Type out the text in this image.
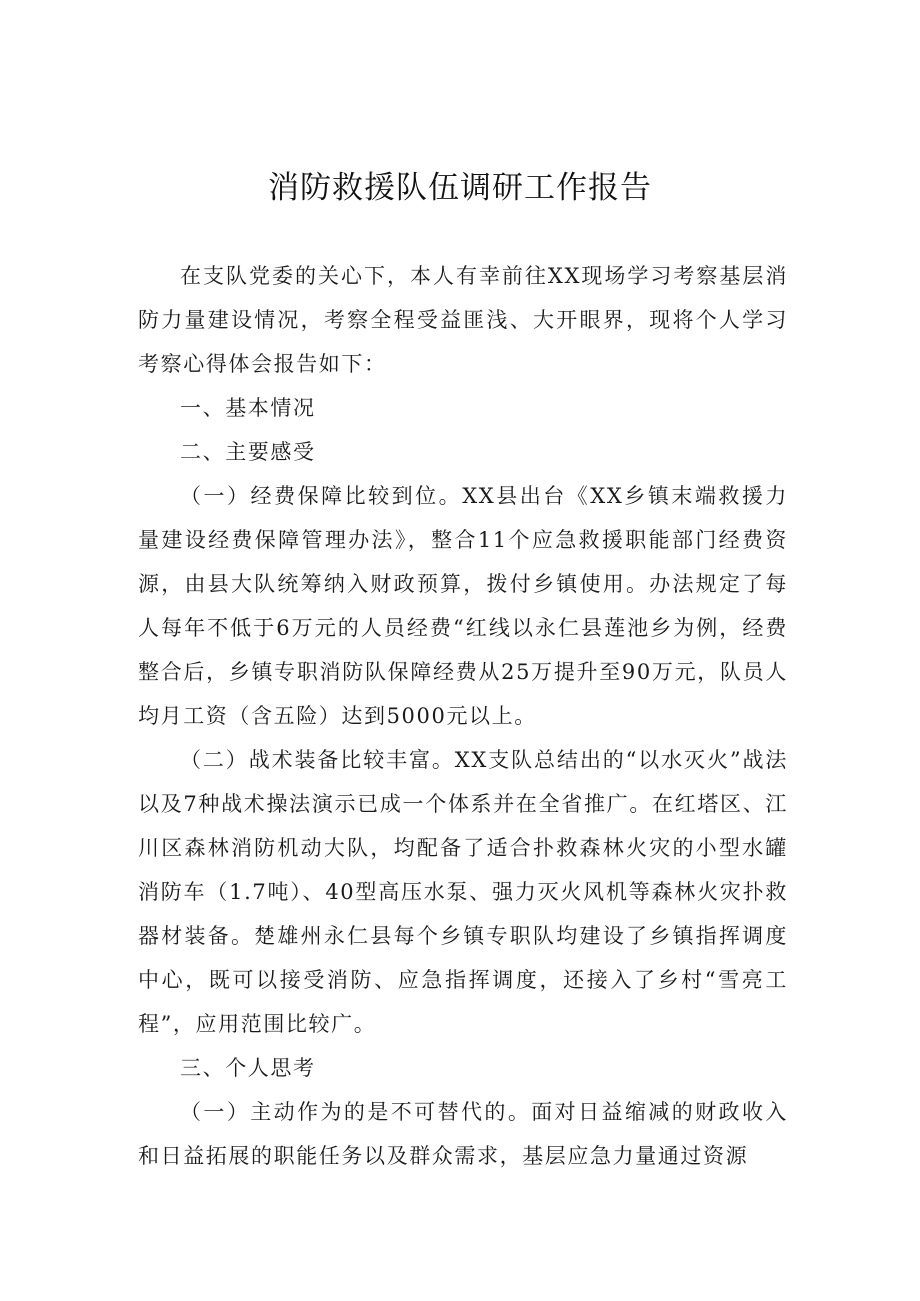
消防救援队伍调研工作报告

在支队党委的关心下，本人有幸前往XX现场学习考察基层消防力量建设情况，考察全程受益匪浅、大开眼界，现将个人学习考察心得体会报告如下：

一、基本情况

二、主要感受

（一）经费保障比较到位。XX县出台《XX乡镇末端救援力量建设经费保障管理办法》，整合11个应急救援职能部门经费资源，由县大队统筹纳入财政预算，拨付乡镇使用。办法规定了每人每年不低于6万元的人员经费“红线以永仁县莲池乡为例，经费整合后，乡镇专职消防队保障经费从25万提升至90万元，队员人均月工资（含五险）达到5000元以上。

（二）战术装备比较丰富。XX支队总结出的“以水灭火”战法以及7种战术操法演示已成一个体系并在全省推广。在红塔区、江川区森林消防机动大队，均配备了适合扑救森林火灾的小型水罐消防车（1.7吨）、40型高压水泵、强力灭火风机等森林火灾扑救器材装备。楚雄州永仁县每个乡镇专职队均建设了乡镇指挥调度中心，既可以接受消防、应急指挥调度，还接入了乡村“雪亮工程”，应用范围比较广。

三、个人思考

（一）主动作为的是不可替代的。面对日益缩减的财政收入和日益拓展的职能任务以及群众需求，基层应急力量通过资源
